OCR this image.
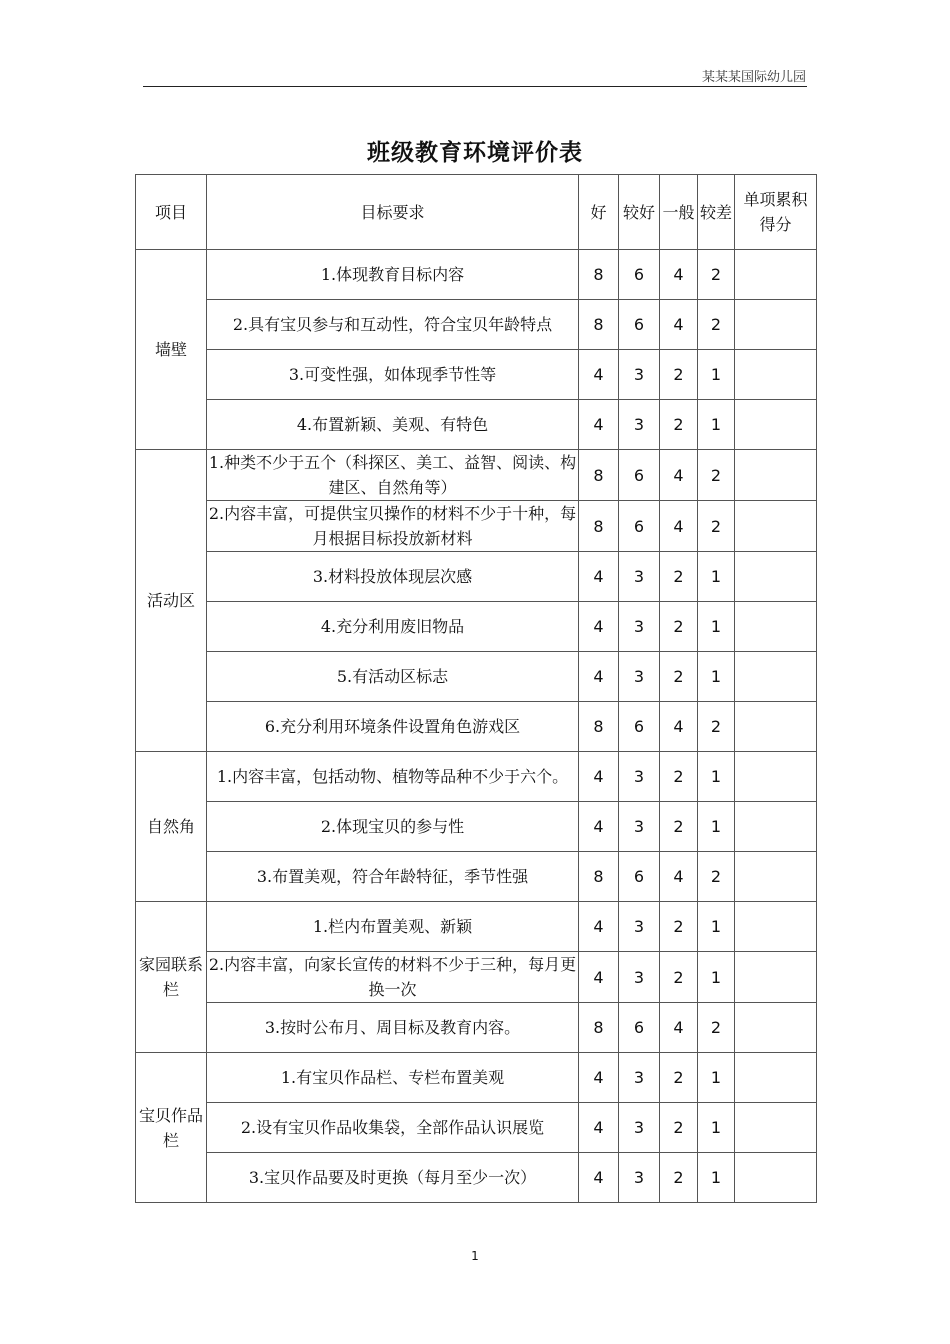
某某某国际幼儿园
班级教育环境评价表
项目	目标要求	好	较好	一般	较差	单项累积得分
墙壁	1.体现教育目标内容	8	6	4	2	
	2.具有宝贝参与和互动性，符合宝贝年龄特点	8	6	4	2	
	3.可变性强，如体现季节性等	4	3	2	1	
	4.布置新颖、美观、有特色	4	3	2	1	
活动区	1.种类不少于五个（科探区、美工、益智、阅读、构建区、自然角等）	8	6	4	2	
	2.内容丰富，可提供宝贝操作的材料不少于十种，每月根据目标投放新材料	8	6	4	2	
	3.材料投放体现层次感	4	3	2	1	
	4.充分利用废旧物品	4	3	2	1	
	5.有活动区标志	4	3	2	1	
	6.充分利用环境条件设置角色游戏区	8	6	4	2	
自然角	1.内容丰富，包括动物、植物等品种不少于六个。	4	3	2	1	
	2.体现宝贝的参与性	4	3	2	1	
	3.布置美观，符合年龄特征，季节性强	8	6	4	2	
家园联系栏	1.栏内布置美观、新颖	4	3	2	1	
	2.内容丰富，向家长宣传的材料不少于三种，每月更换一次	4	3	2	1	
	3.按时公布月、周目标及教育内容。	8	6	4	2	
宝贝作品栏	1.有宝贝作品栏、专栏布置美观	4	3	2	1	
	2.设有宝贝作品收集袋，全部作品认识展览	4	3	2	1	
	3.宝贝作品要及时更换（每月至少一次）	4	3	2	1	
1
